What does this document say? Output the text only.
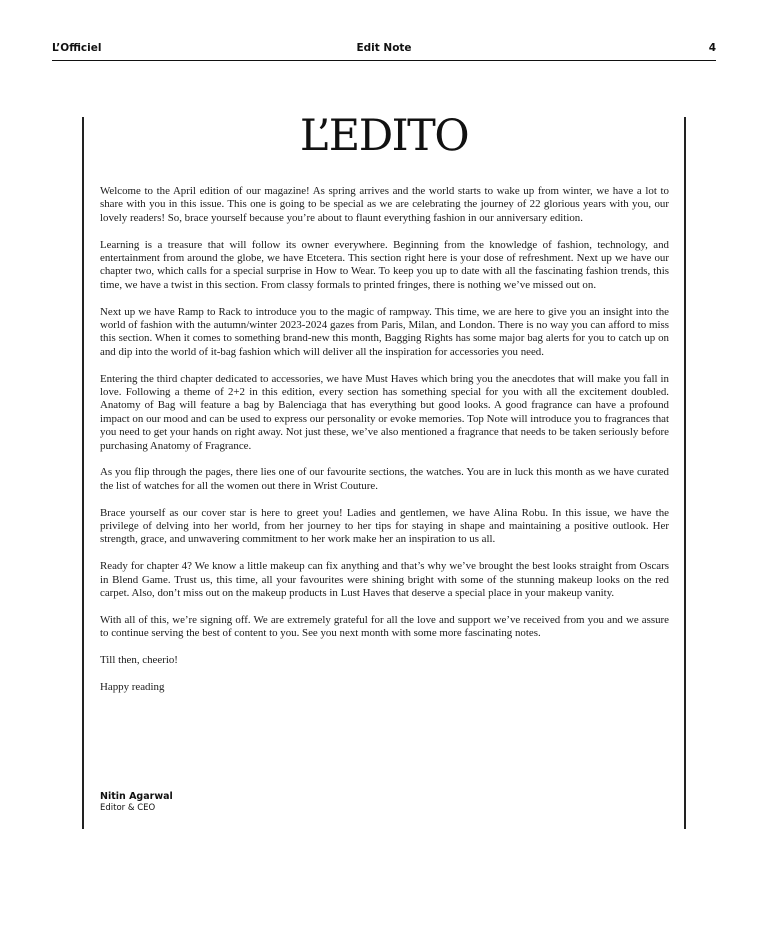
L’Officiel	Edit Note	4
L’EDITO

Welcome to the April edition of our magazine! As spring arrives and the world starts to wake up from winter, we have a lot to share with you in this issue. This one is going to be special as we are celebrating the journey of 22 glorious years with you, our lovely readers! So, brace yourself because you’re about to flaunt everything fashion in our anniversary edition.

Learning is a treasure that will follow its owner everywhere. Beginning from the knowledge of fashion, technology, and entertainment from around the globe, we have Etcetera. This section right here is your dose of refreshment. Next up we have our chapter two, which calls for a special surprise in How to Wear. To keep you up to date with all the fascinating fashion trends, this time, we have a twist in this section. From classy formals to printed fringes, there is nothing we’ve missed out on.

Next up we have Ramp to Rack to introduce you to the magic of rampway. This time, we are here to give you an insight into the world of fashion with the autumn/winter 2023-2024 gazes from Paris, Milan, and London. There is no way you can afford to miss this section. When it comes to something brand-new this month, Bagging Rights has some major bag alerts for you to catch up on and dip into the world of it-bag fashion which will deliver all the inspiration for accessories you need.

Entering the third chapter dedicated to accessories, we have Must Haves which bring you the anecdotes that will make you fall in love. Following a theme of 2+2 in this edition, every section has something special for you with all the excitement doubled. Anatomy of Bag will feature a bag by Balenciaga that has everything but good looks. A good fragrance can have a profound impact on our mood and can be used to express our personality or evoke memories. Top Note will introduce you to fragrances that you need to get your hands on right away. Not just these, we’ve also mentioned a fragrance that needs to be taken seriously before purchasing Anatomy of Fragrance.

As you flip through the pages, there lies one of our favourite sections, the watches. You are in luck this month as we have curated the list of watches for all the women out there in Wrist Couture.

Brace yourself as our cover star is here to greet you! Ladies and gentlemen, we have Alina Robu. In this issue, we have the privilege of delving into her world, from her journey to her tips for staying in shape and maintaining a positive outlook. Her strength, grace, and unwavering commitment to her work make her an inspiration to us all.

Ready for chapter 4? We know a little makeup can fix anything and that’s why we’ve brought the best looks straight from Oscars in Blend Game. Trust us, this time, all your favourites were shining bright with some of the stunning makeup looks on the red carpet. Also, don’t miss out on the makeup products in Lust Haves that deserve a special place in your makeup vanity.

With all of this, we’re signing off. We are extremely grateful for all the love and support we’ve received from you and we assure to continue serving the best of content to you. See you next month with some more fascinating notes.

Till then, cheerio!

Happy reading

Nitin Agarwal
Editor & CEO
